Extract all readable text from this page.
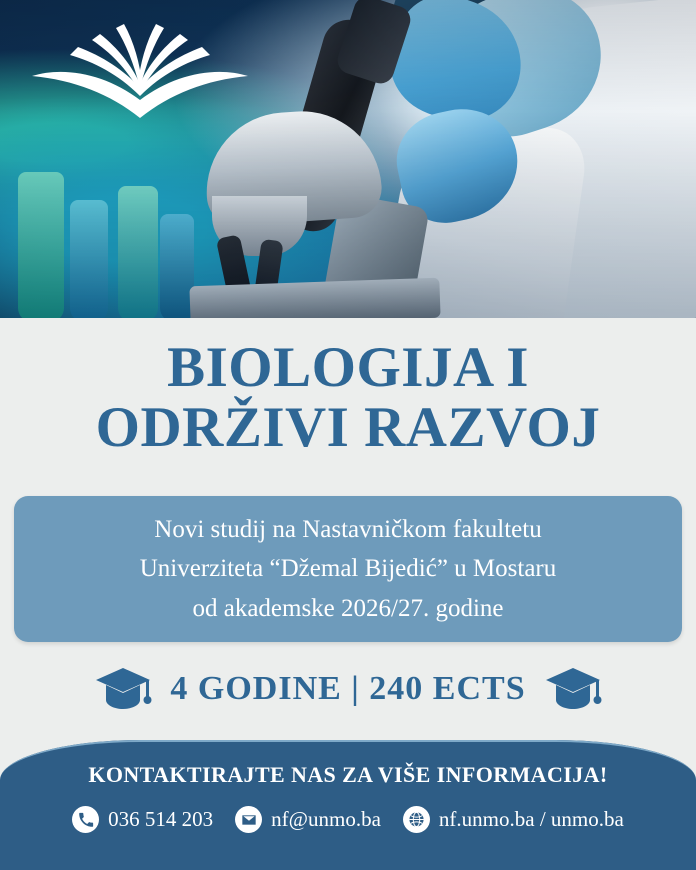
BIOLOGIJA I
ODRŽIVI RAZVOJ
Novi studij na Nastavničkom fakultetu
Univerziteta “Džemal Bijedić” u Mostaru
od akademske 2026/27. godine
4 GODINE | 240 ECTS
KONTAKTIRAJTE NAS ZA VIŠE INFORMACIJA!
036 514 203	nf@unmo.ba	nf.unmo.ba / unmo.ba
